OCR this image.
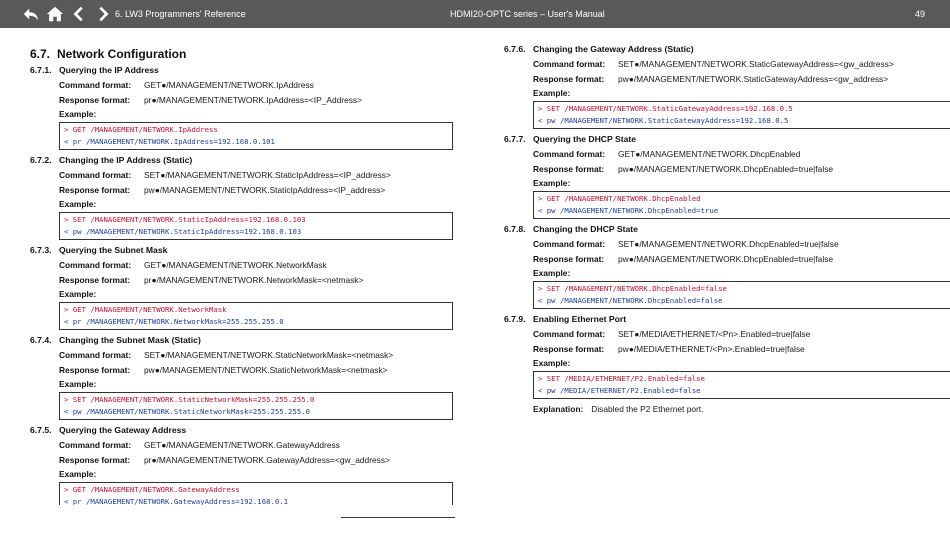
6. LW3 Programmers' Reference	HDMI20-OPTC series – User's Manual	49
6.7. Network Configuration
6.7.1. Querying the IP Address
Command format: GET●/MANAGEMENT/NETWORK.IpAddress
Response format: pr●/MANAGEMENT/NETWORK.IpAddress=<IP_Address>
Example:
> GET /MANAGEMENT/NETWORK.IpAddress
< pr /MANAGEMENT/NETWORK.IpAddress=192.168.0.101
6.7.2. Changing the IP Address (Static)
Command format: SET●/MANAGEMENT/NETWORK.StaticIpAddress=<IP_address>
Response format: pw●/MANAGEMENT/NETWORK.StaticIpAddress=<IP_address>
Example:
> SET /MANAGEMENT/NETWORK.StaticIpAddress=192.168.0.103
< pw /MANAGEMENT/NETWORK.StaticIpAddress=192.168.0.103
6.7.3. Querying the Subnet Mask
Command format: GET●/MANAGEMENT/NETWORK.NetworkMask
Response format: pr●/MANAGEMENT/NETWORK.NetworkMask=<netmask>
Example:
> GET /MANAGEMENT/NETWORK.NetworkMask
< pr /MANAGEMENT/NETWORK.NetworkMask=255.255.255.0
6.7.4. Changing the Subnet Mask (Static)
Command format: SET●/MANAGEMENT/NETWORK.StaticNetworkMask=<netmask>
Response format: pw●/MANAGEMENT/NETWORK.StaticNetworkMask=<netmask>
Example:
> SET /MANAGEMENT/NETWORK.StaticNetworkMask=255.255.255.0
< pw /MANAGEMENT/NETWORK.StaticNetworkMask=255.255.255.0
6.7.5. Querying the Gateway Address
Command format: GET●/MANAGEMENT/NETWORK.GatewayAddress
Response format: pr●/MANAGEMENT/NETWORK.GatewayAddress=<gw_address>
Example:
> GET /MANAGEMENT/NETWORK.GatewayAddress
< pr /MANAGEMENT/NETWORK.GatewayAddress=192.168.0.1
6.7.6. Changing the Gateway Address (Static)
Command format: SET●/MANAGEMENT/NETWORK.StaticGatewayAddress=<gw_address>
Response format: pw●/MANAGEMENT/NETWORK.StaticGatewayAddress=<gw_address>
Example:
> SET /MANAGEMENT/NETWORK.StaticGatewayAddress=192.168.0.5
< pw /MANAGEMENT/NETWORK.StaticGatewayAddress=192.168.0.5
6.7.7. Querying the DHCP State
Command format: GET●/MANAGEMENT/NETWORK.DhcpEnabled
Response format: pw●/MANAGEMENT/NETWORK.DhcpEnabled=true|false
Example:
> GET /MANAGEMENT/NETWORK.DhcpEnabled
< pw /MANAGEMENT/NETWORK.DhcpEnabled=true
6.7.8. Changing the DHCP State
Command format: SET●/MANAGEMENT/NETWORK.DhcpEnabled=true|false
Response format: pw●/MANAGEMENT/NETWORK.DhcpEnabled=true|false
Example:
> SET /MANAGEMENT/NETWORK.DhcpEnabled=false
< pw /MANAGEMENT/NETWORK.DhcpEnabled=false
6.7.9. Enabling Ethernet Port
Command format: SET●/MEDIA/ETHERNET/<Pn>.Enabled=true|false
Response format: pw●/MEDIA/ETHERNET/<Pn>.Enabled=true|false
Example:
> SET /MEDIA/ETHERNET/P2.Enabled=false
< pw /MEDIA/ETHERNET/P2.Enabled=false
Explanation: Disabled the P2 Ethernet port.
